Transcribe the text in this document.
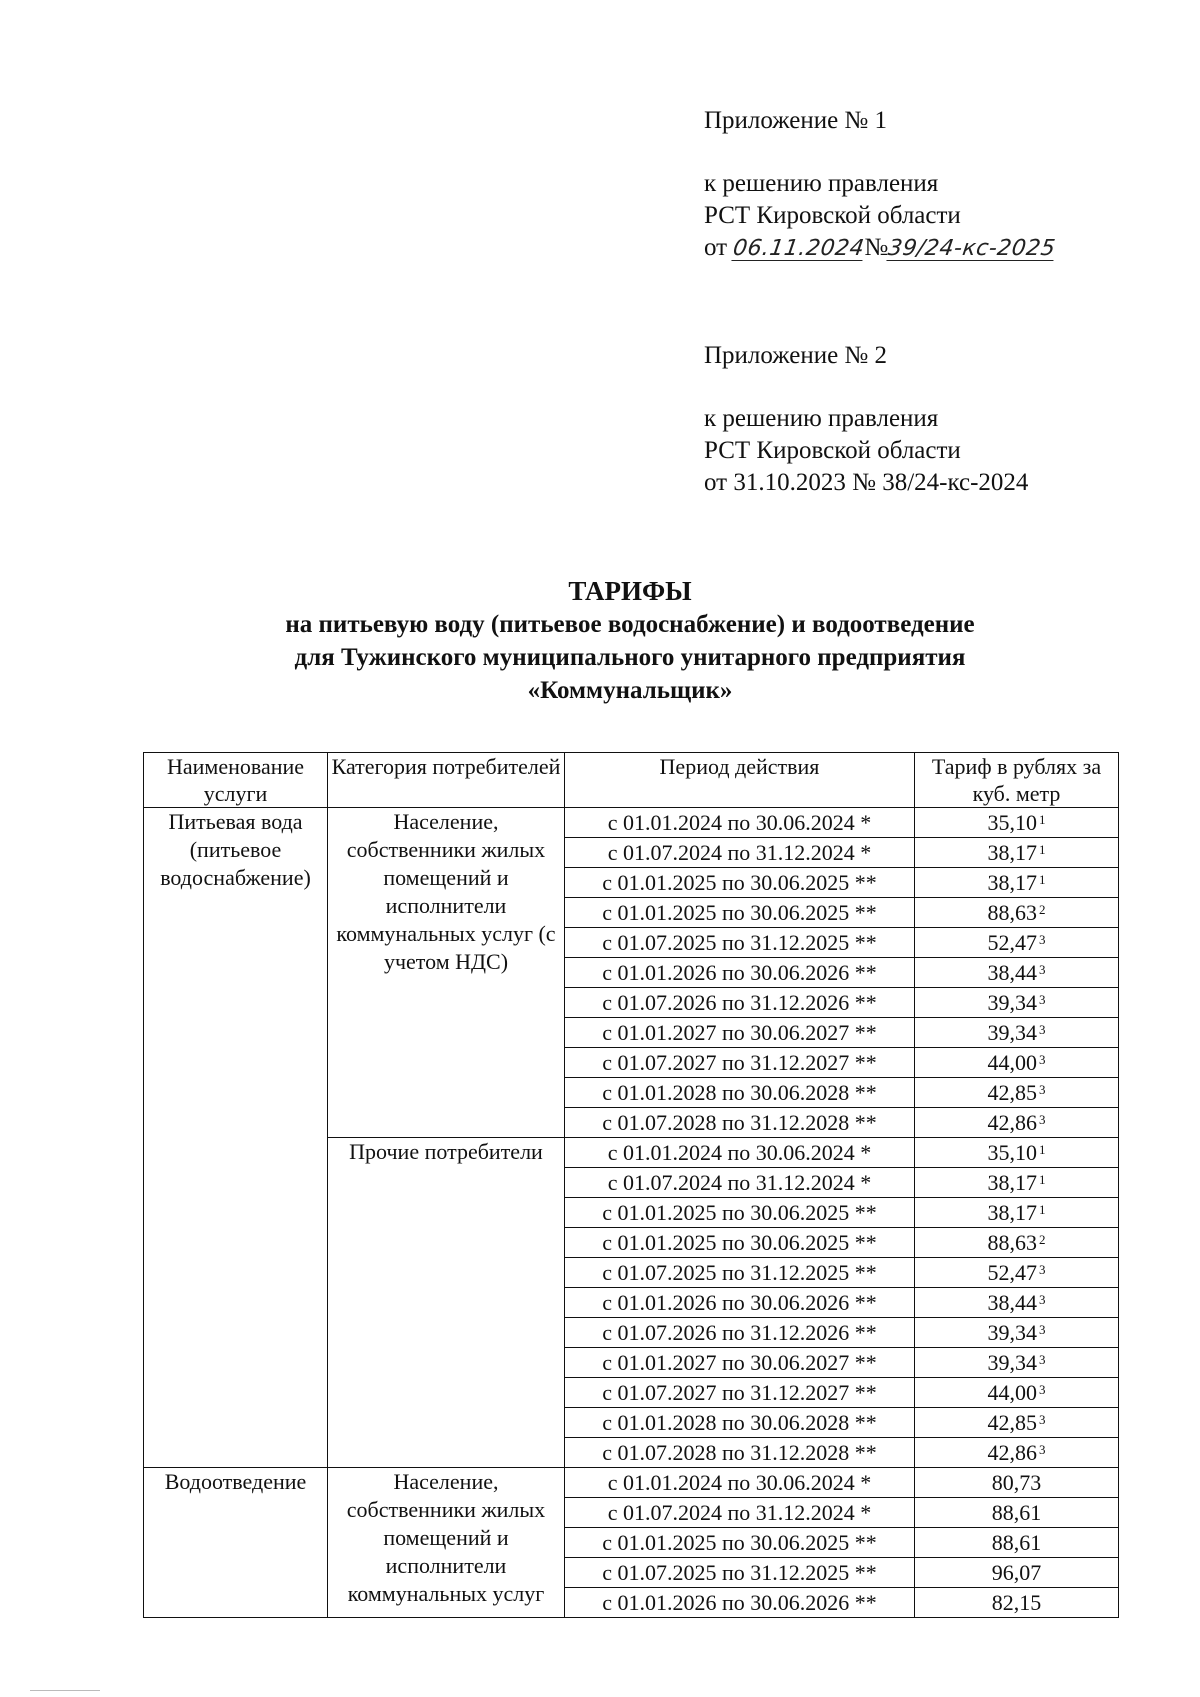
Приложение № 1
к решению правления
РСТ Кировской области
от 06.11.2024№39/24-кс-2025
Приложение № 2
к решению правления
РСТ Кировской области
от 31.10.2023 № 38/24-кс-2024
ТАРИФЫ
на питьевую воду (питьевое водоснабжение) и водоотведение
для Тужинского муниципального унитарного предприятия
«Коммунальщик»
Наименование услуги	Категория потребителей	Период действия	Тариф в рублях за куб. метр
Питьевая вода (питьевое водоснабжение)	Население, собственники жилых помещений и исполнители коммунальных услуг (с учетом НДС)	с 01.01.2024 по 30.06.2024 *	35,10 $^1$
		с 01.07.2024 по 31.12.2024 *	38,17 $^1$
		с 01.01.2025 по 30.06.2025 **	38,17 $^1$
		с 01.01.2025 по 30.06.2025 **	88,63 $^2$
		с 01.07.2025 по 31.12.2025 **	52,47 $^3$
		с 01.01.2026 по 30.06.2026 **	38,44 $^3$
		с 01.07.2026 по 31.12.2026 **	39,34 $^3$
		с 01.01.2027 по 30.06.2027 **	39,34 $^3$
		с 01.07.2027 по 31.12.2027 **	44,00 $^3$
		с 01.01.2028 по 30.06.2028 **	42,85 $^3$
		с 01.07.2028 по 31.12.2028 **	42,86 $^3$
	Прочие потребители	с 01.01.2024 по 30.06.2024 *	35,10 $^1$
		с 01.07.2024 по 31.12.2024 *	38,17 $^1$
		с 01.01.2025 по 30.06.2025 **	38,17 $^1$
		с 01.01.2025 по 30.06.2025 **	88,63 $^2$
		с 01.07.2025 по 31.12.2025 **	52,47 $^3$
		с 01.01.2026 по 30.06.2026 **	38,44 $^3$
		с 01.07.2026 по 31.12.2026 **	39,34 $^3$
		с 01.01.2027 по 30.06.2027 **	39,34 $^3$
		с 01.07.2027 по 31.12.2027 **	44,00 $^3$
		с 01.01.2028 по 30.06.2028 **	42,85 $^3$
		с 01.07.2028 по 31.12.2028 **	42,86 $^3$
Водоотведение	Население, собственники жилых помещений и исполнители коммунальных услуг	с 01.01.2024 по 30.06.2024 *	80,73
		с 01.07.2024 по 31.12.2024 *	88,61
		с 01.01.2025 по 30.06.2025 **	88,61
		с 01.07.2025 по 31.12.2025 **	96,07
		с 01.01.2026 по 30.06.2026 **	82,15
